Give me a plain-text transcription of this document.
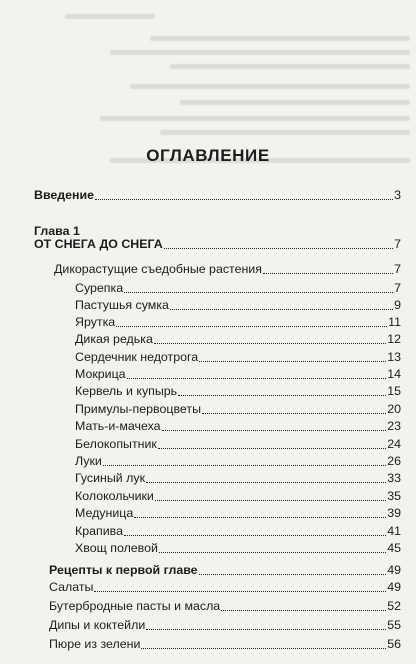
ОГЛАВЛЕНИЕ
Введение	3
Глава 1
ОТ СНЕГА ДО СНЕГА	7
Дикорастущие съедобные растения	7
Сурепка	7
Пастушья сумка	9
Ярутка	11
Дикая редька	12
Сердечник недотрога	13
Мокрица	14
Кервель и купырь	15
Примулы-первоцветы	20
Мать-и-мачеха	23
Белокопытник	24
Луки	26
Гусиный лук	33
Колокольчики	35
Медуница	39
Крапива	41
Хвощ полевой	45
Рецепты к первой главе	49
Салаты	49
Бутербродные пасты и масла	52
Дипы и коктейли	55
Пюре из зелени	56
